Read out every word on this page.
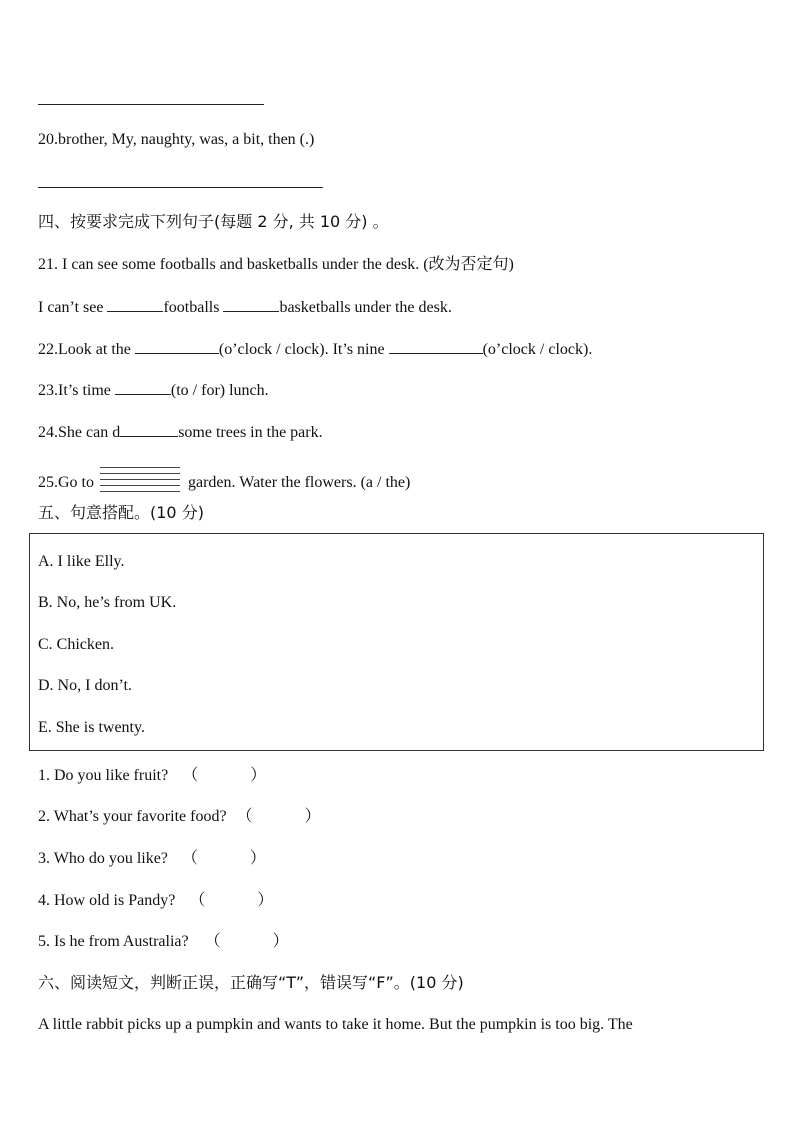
20.brother, My, naughty, was, a bit, then (.)
四、按要求完成下列句子(每题 2 分, 共 10 分) 。
21. I can see some footballs and basketballs under the desk. (改为否定句)
I can’t see	footballs	basketballs under the desk.
22.Look at the	(o’clock / clock). It’s nine	(o’clock / clock).
23.It’s time	(to / for) lunch.
24.She can d	some trees in the park.
25.Go to	garden. Water the flowers. (a / the)
五、句意搭配。(10 分)
A. I like Elly.
B. No, he’s from UK.
C. Chicken.
D. No, I don’t.
E. She is twenty.
1. Do you like fruit? （	）
2. What’s your favorite food? （	）
3. Who do you like? （	）
4. How old is Pandy? （	）
5. Is he from Australia? （	）
六、阅读短文，判断正误，正确写“T”，错误写“F”。(10 分)
A little rabbit picks up a pumpkin and wants to take it home. But the pumpkin is too big. The
